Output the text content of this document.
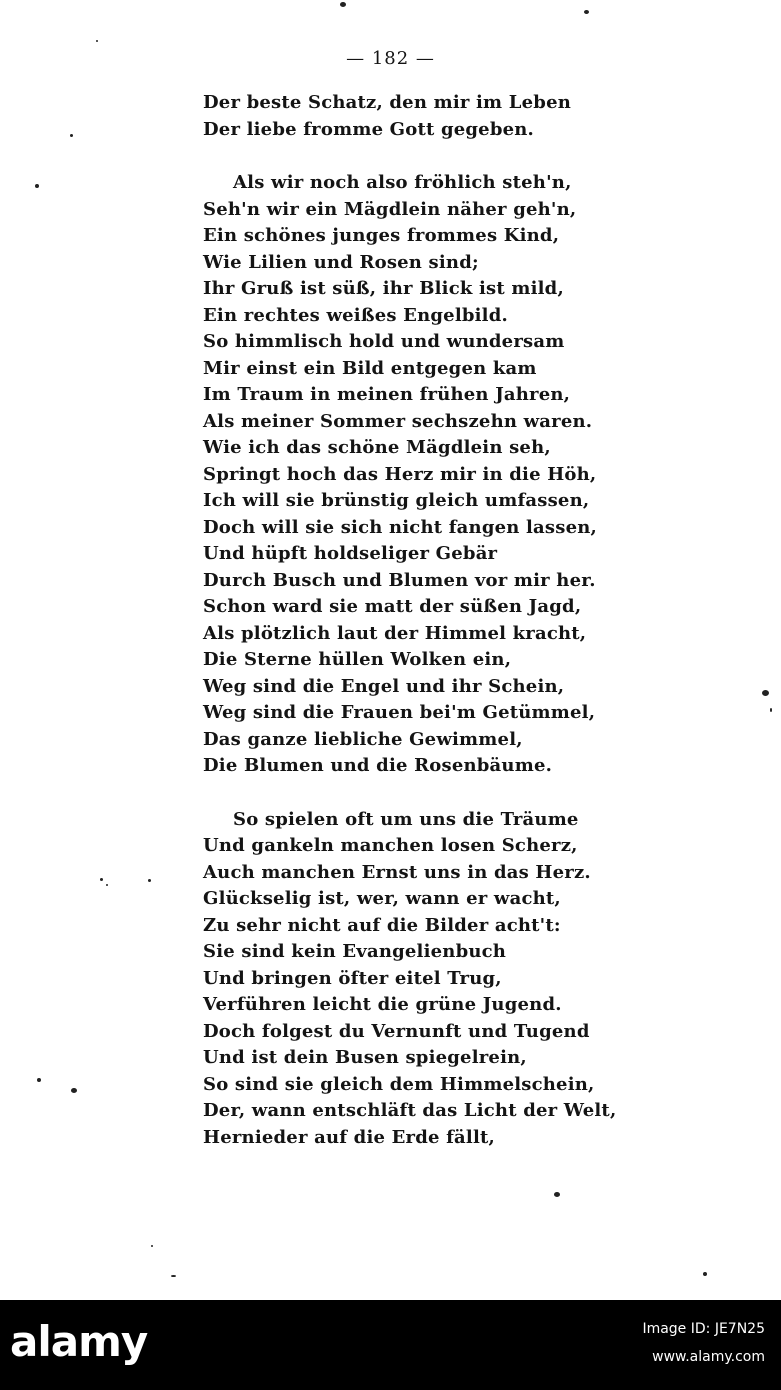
— 182 —
Der beste Schatz, den mir im Leben
Der liebe fromme Gott gegeben.
Als wir noch also fröhlich steh'n,
Seh'n wir ein Mägdlein näher geh'n,
Ein schönes junges frommes Kind,
Wie Lilien und Rosen sind;
Ihr Gruß ist süß, ihr Blick ist mild,
Ein rechtes weißes Engelbild.
So himmlisch hold und wundersam
Mir einst ein Bild entgegen kam
Im Traum in meinen frühen Jahren,
Als meiner Sommer sechszehn waren.
Wie ich das schöne Mägdlein seh,
Springt hoch das Herz mir in die Höh,
Ich will sie brünstig gleich umfassen,
Doch will sie sich nicht fangen lassen,
Und hüpft holdseliger Gebär
Durch Busch und Blumen vor mir her.
Schon ward sie matt der süßen Jagd,
Als plötzlich laut der Himmel kracht,
Die Sterne hüllen Wolken ein,
Weg sind die Engel und ihr Schein,
Weg sind die Frauen bei'm Getümmel,
Das ganze liebliche Gewimmel,
Die Blumen und die Rosenbäume.
So spielen oft um uns die Träume
Und gankeln manchen losen Scherz,
Auch manchen Ernst uns in das Herz.
Glückselig ist, wer, wann er wacht,
Zu sehr nicht auf die Bilder acht't:
Sie sind kein Evangelienbuch
Und bringen öfter eitel Trug,
Verführen leicht die grüne Jugend.
Doch folgest du Vernunft und Tugend
Und ist dein Busen spiegelrein,
So sind sie gleich dem Himmelschein,
Der, wann entschläft das Licht der Welt,
Hernieder auf die Erde fällt,
alamy	Image ID: JE7N25
www.alamy.com
